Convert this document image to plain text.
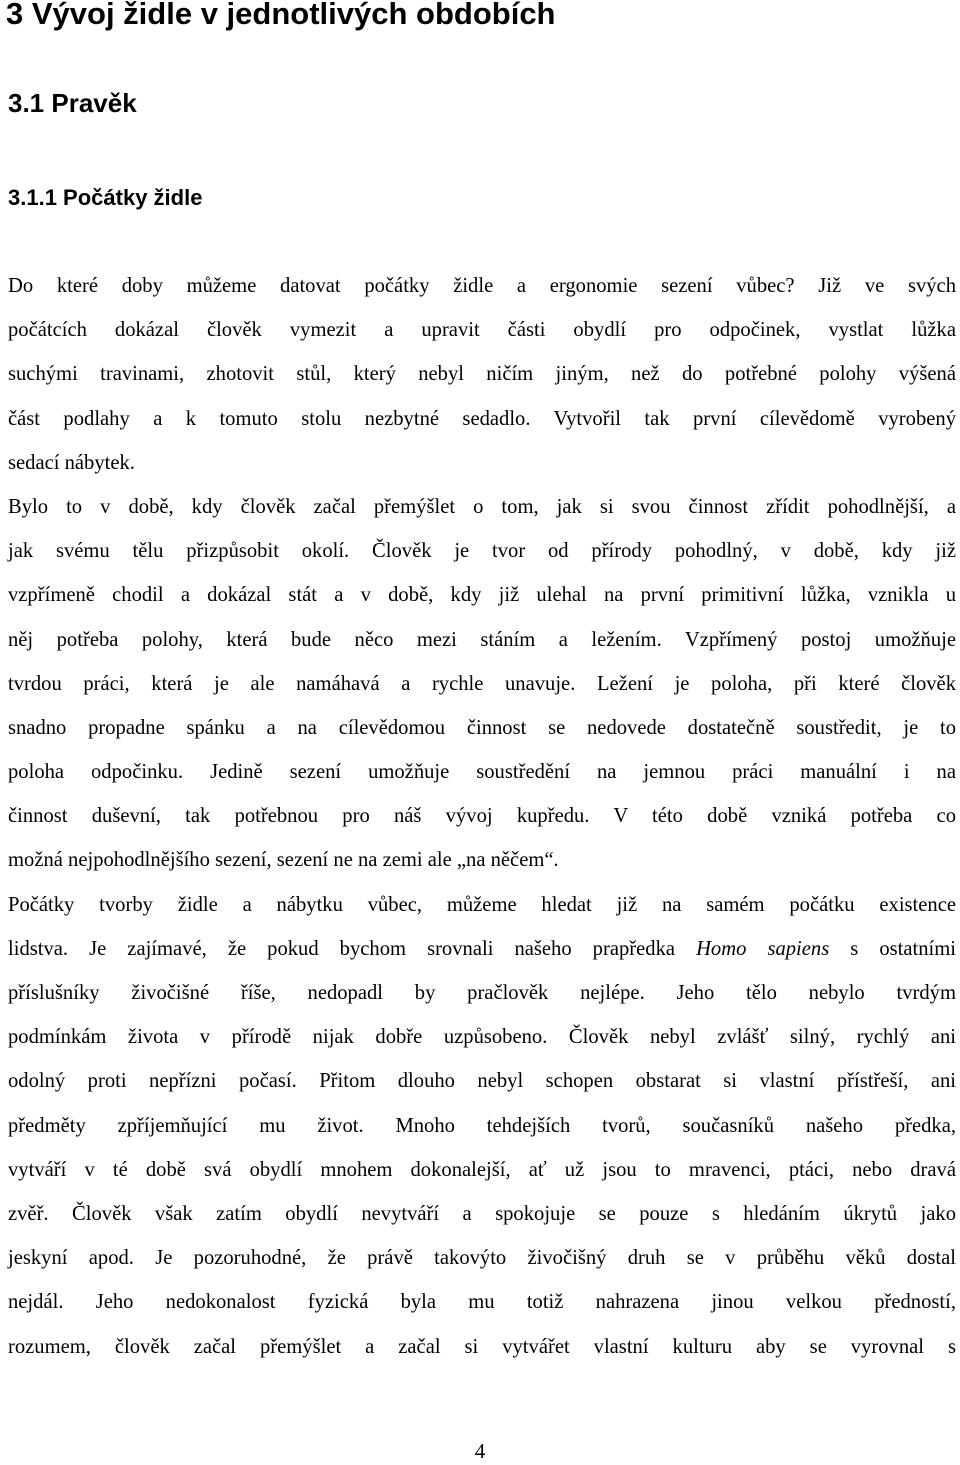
3 Vývoj židle v jednotlivých obdobích
3.1 Pravěk
3.1.1 Počátky židle
Do které doby můžeme datovat počátky židle a ergonomie sezení vůbec? Již ve svých
počátcích dokázal člověk vymezit a upravit části obydlí pro odpočinek, vystlat lůžka
suchými travinami, zhotovit stůl, který nebyl ničím jiným, než do potřebné polohy výšená
část podlahy a k tomuto stolu nezbytné sedadlo. Vytvořil tak první cílevědomě vyrobený
sedací nábytek.
Bylo to v době, kdy člověk začal přemýšlet o tom, jak si svou činnost zřídit pohodlnější, a
jak svému tělu přizpůsobit okolí. Člověk je tvor od přírody pohodlný, v době, kdy již
vzpřímeně chodil a dokázal stát a v době, kdy již ulehal na první primitivní lůžka, vznikla u
něj potřeba polohy, která bude něco mezi stáním a ležením. Vzpřímený postoj umožňuje
tvrdou práci, která je ale namáhavá a rychle unavuje. Ležení je poloha, při které člověk
snadno propadne spánku a na cílevědomou činnost se nedovede dostatečně soustředit, je to
poloha odpočinku. Jedině sezení umožňuje soustředění na jemnou práci manuální i na
činnost duševní, tak potřebnou pro náš vývoj kupředu. V této době vzniká potřeba co
možná nejpohodlnějšího sezení, sezení ne na zemi ale „na něčem“.
Počátky tvorby židle a nábytku vůbec, můžeme hledat již na samém počátku existence
lidstva. Je zajímavé, že pokud bychom srovnali našeho prapředka Homo sapiens s ostatními
příslušníky živočišné říše, nedopadl by pračlověk nejlépe. Jeho tělo nebylo tvrdým
podmínkám života v přírodě nijak dobře uzpůsobeno. Člověk nebyl zvlášť silný, rychlý ani
odolný proti nepřízni počasí. Přitom dlouho nebyl schopen obstarat si vlastní přístřeší, ani
předměty zpříjemňující mu život. Mnoho tehdejších tvorů, současníků našeho předka,
vytváří v té době svá obydlí mnohem dokonalejší, ať už jsou to mravenci, ptáci, nebo dravá
zvěř. Člověk však zatím obydlí nevytváří a spokojuje se pouze s hledáním úkrytů jako
jeskyní apod. Je pozoruhodné, že právě takovýto živočišný druh se v průběhu věků dostal
nejdál. Jeho nedokonalost fyzická byla mu totiž nahrazena jinou velkou předností,
rozumem, člověk začal přemýšlet a začal si vytvářet vlastní kulturu aby se vyrovnal s
4
